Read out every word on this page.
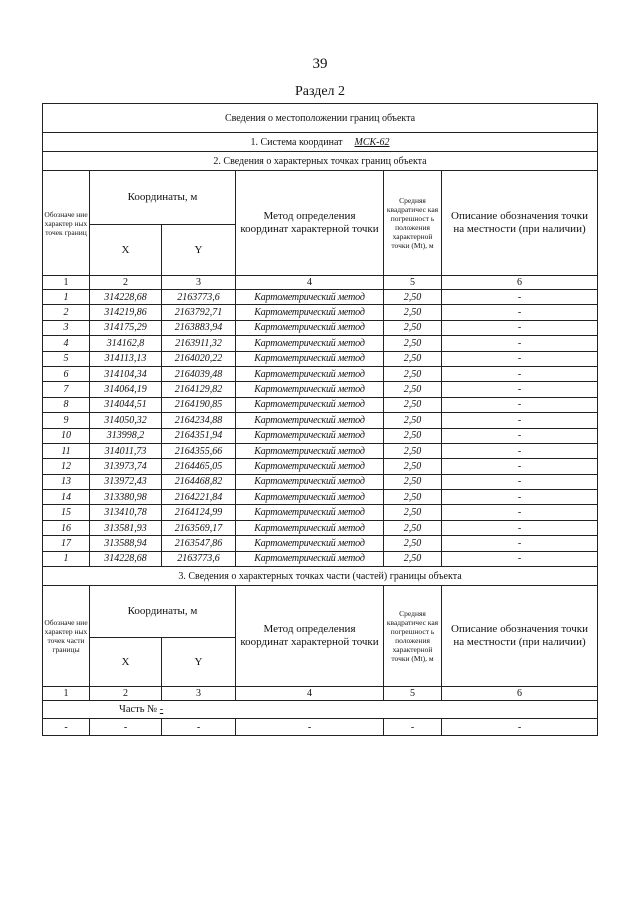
39
Раздел 2
Сведения о местоположении границ объекта					
1. Система координат МСК-62					
2. Сведения о характерных точках границ объекта					
Обозначе ние характер ных точек границ	Координаты, м		Метод определения координат характерной точки	Средняя квадратичес кая погрешност ь положения характерной точки (Mt), м	Описание обозначения точки на местности (при наличии)
	X	Y			
1	2	3	4	5	6
1	314228,68	2163773,6	Картометрический метод	2,50	-
2	314219,86	2163792,71	Картометрический метод	2,50	-
3	314175,29	2163883,94	Картометрический метод	2,50	-
4	314162,8	2163911,32	Картометрический метод	2,50	-
5	314113,13	2164020,22	Картометрический метод	2,50	-
6	314104,34	2164039,48	Картометрический метод	2,50	-
7	314064,19	2164129,82	Картометрический метод	2,50	-
8	314044,51	2164190,85	Картометрический метод	2,50	-
9	314050,32	2164234,88	Картометрический метод	2,50	-
10	313998,2	2164351,94	Картометрический метод	2,50	-
11	314011,73	2164355,66	Картометрический метод	2,50	-
12	313973,74	2164465,05	Картометрический метод	2,50	-
13	313972,43	2164468,82	Картометрический метод	2,50	-
14	313380,98	2164221,84	Картометрический метод	2,50	-
15	313410,78	2164124,99	Картометрический метод	2,50	-
16	313581,93	2163569,17	Картометрический метод	2,50	-
17	313588,94	2163547,86	Картометрический метод	2,50	-
1	314228,68	2163773,6	Картометрический метод	2,50	-
3. Сведения о характерных точках части (частей) границы объекта					
Обозначе ние характер ных точек части границы	Координаты, м		Метод определения координат характерной точки	Средняя квадратичес кая погрешност ь положения характерной точки (Mt), м	Описание обозначения точки на местности (при наличии)
	X	Y			
1	2	3	4	5	6
Часть № -					
-	-	-	-	-	-
